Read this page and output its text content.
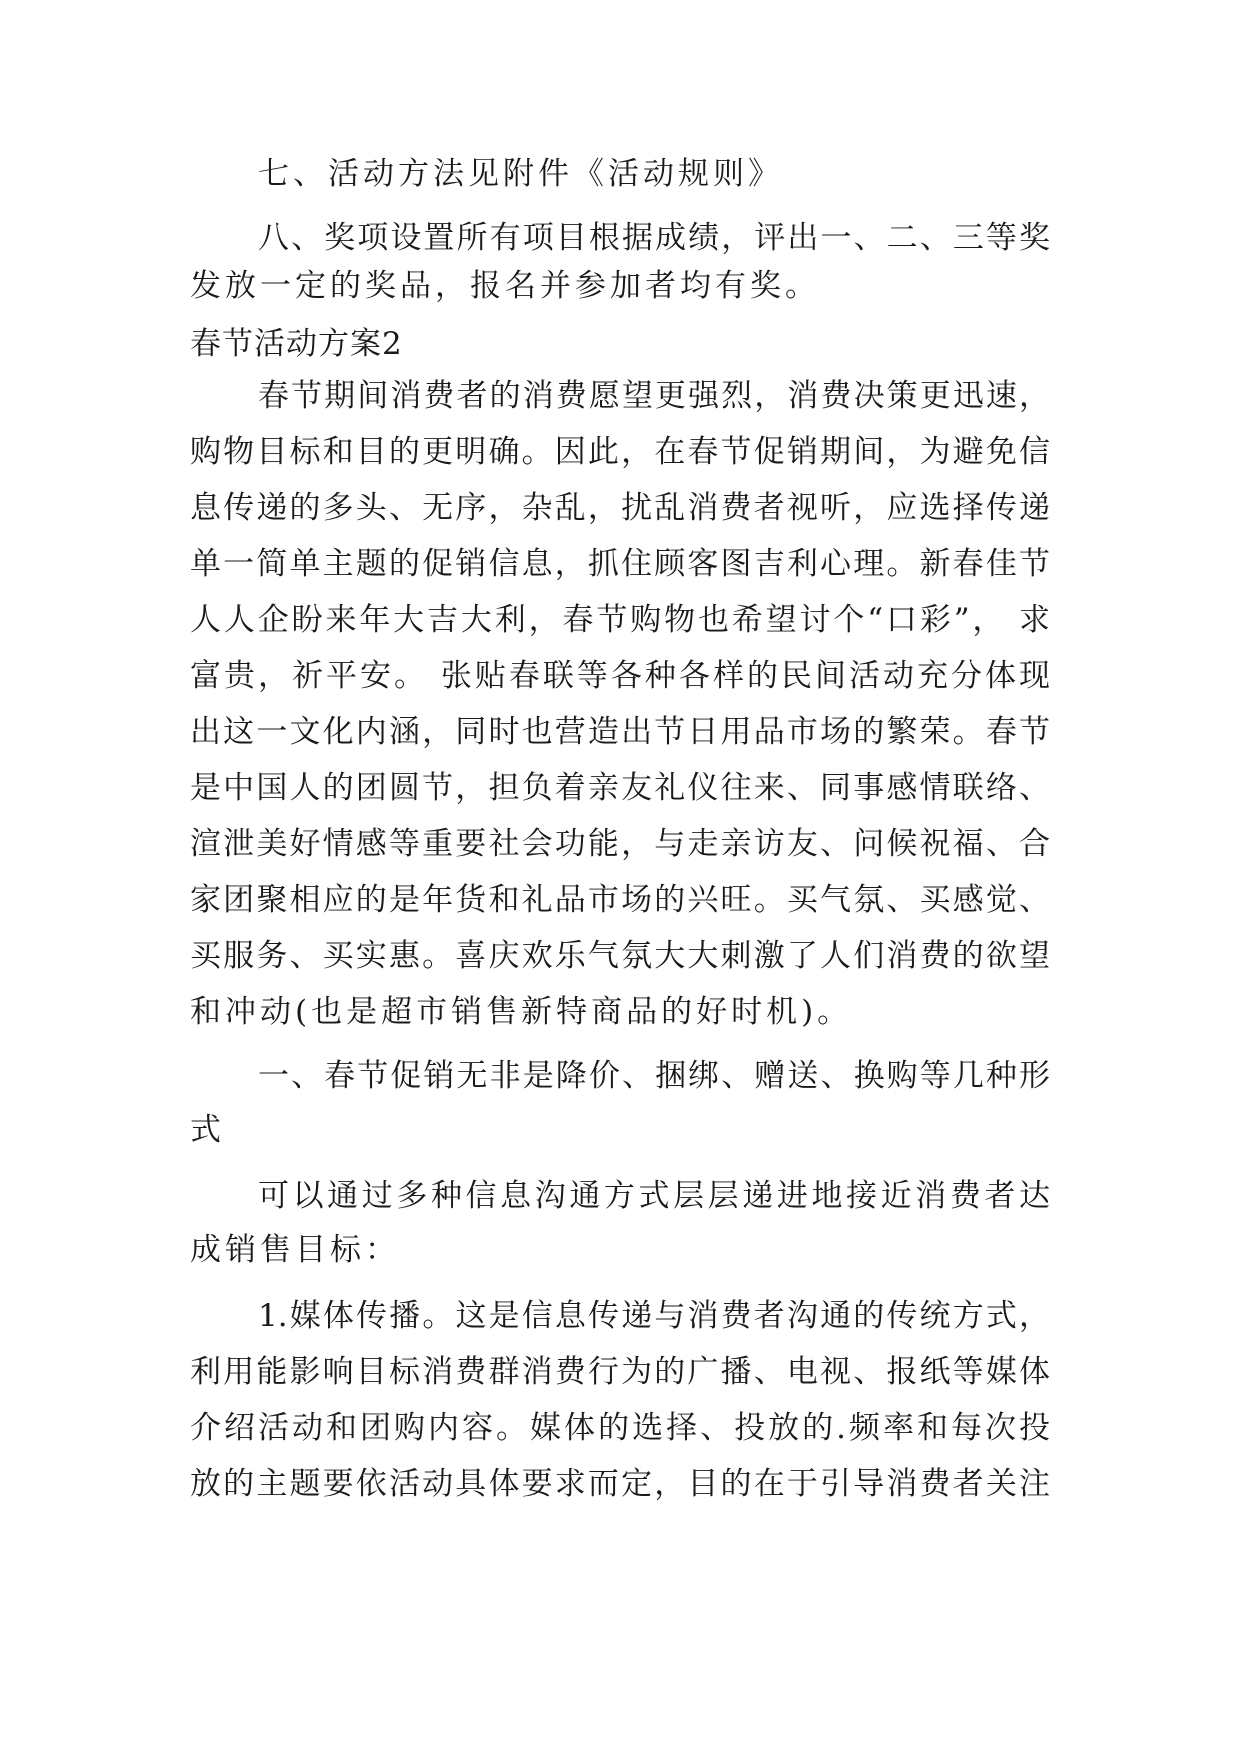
七、活动方法见附件《活动规则》
八、奖项设置所有项目根据成绩，评出一、二、三等奖
发放一定的奖品，报名并参加者均有奖。
春节活动方案2
春节期间消费者的消费愿望更强烈，消费决策更迅速，
购物目标和目的更明确。因此，在春节促销期间，为避免信
息传递的多头、无序，杂乱，扰乱消费者视听，应选择传递
单一简单主题的促销信息，抓住顾客图吉利心理。新春佳节
人人企盼来年大吉大利，春节购物也希望讨个“口彩”， 求
富贵，祈平安。 张贴春联等各种各样的民间活动充分体现
出这一文化内涵，同时也营造出节日用品市场的繁荣。春节
是中国人的团圆节，担负着亲友礼仪往来、同事感情联络、
渲泄美好情感等重要社会功能，与走亲访友、问候祝福、合
家团聚相应的是年货和礼品市场的兴旺。买气氛、买感觉、
买服务、买实惠。喜庆欢乐气氛大大刺激了人们消费的欲望
和冲动(也是超市销售新特商品的好时机)。
一、春节促销无非是降价、捆绑、赠送、换购等几种形
式
可以通过多种信息沟通方式层层递进地接近消费者达
成销售目标：
1.媒体传播。这是信息传递与消费者沟通的传统方式，
利用能影响目标消费群消费行为的广播、电视、报纸等媒体
介绍活动和团购内容。媒体的选择、投放的.频率和每次投
放的主题要依活动具体要求而定，目的在于引导消费者关注
